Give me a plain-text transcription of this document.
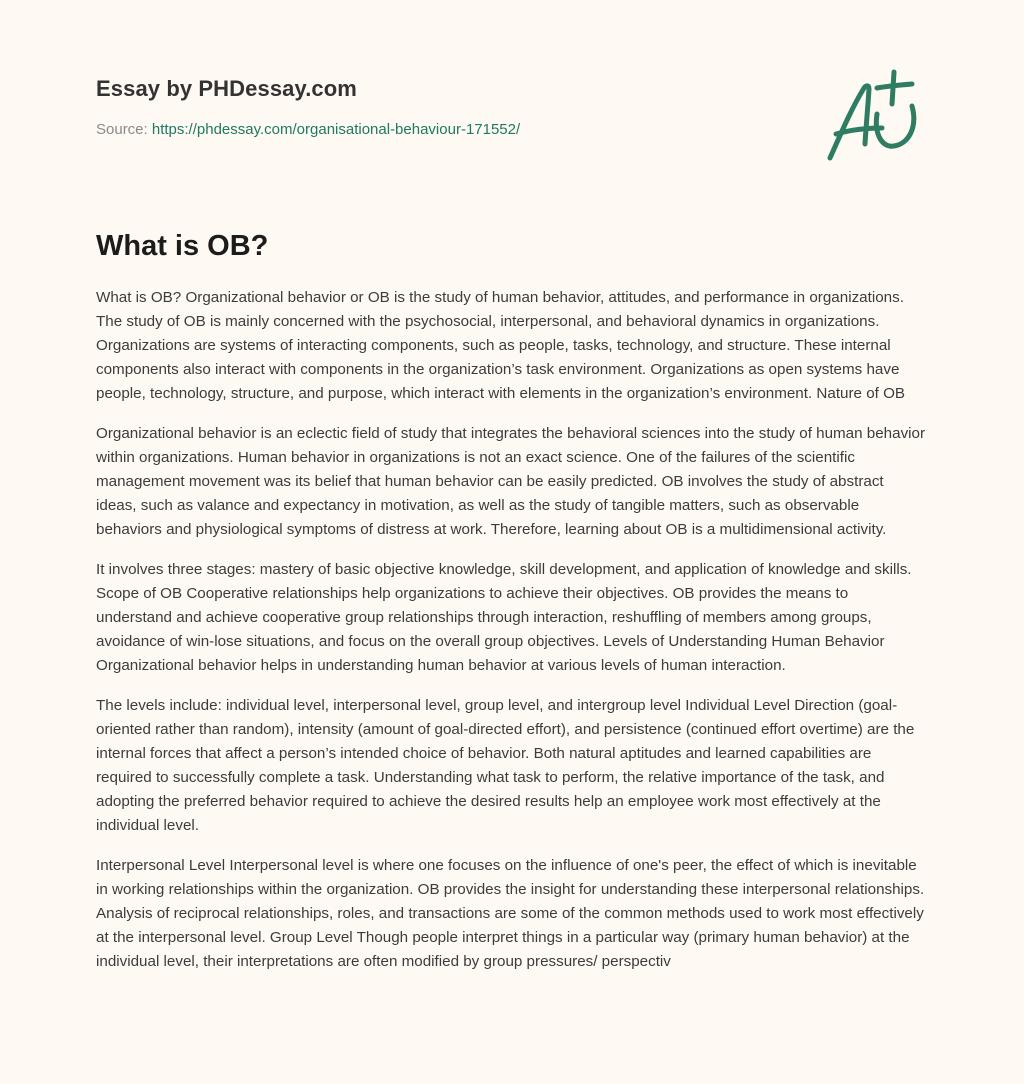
Essay by PHDessay.com
Source: https://phdessay.com/organisational-behaviour-171552/
What is OB?

What is OB? Organizational behavior or OB is the study of human behavior, attitudes, and performance in organizations. The study of OB is mainly concerned with the psychosocial, interpersonal, and behavioral dynamics in organizations. Organizations are systems of interacting components, such as people, tasks, technology, and structure. These internal components also interact with components in the organization’s task environment. Organizations as open systems have people, technology, structure, and purpose, which interact with elements in the organization’s environment. Nature of OB

Organizational behavior is an eclectic field of study that integrates the behavioral sciences into the study of human behavior within organizations. Human behavior in organizations is not an exact science. One of the failures of the scientific management movement was its belief that human behavior can be easily predicted. OB involves the study of abstract ideas, such as valance and expectancy in motivation, as well as the study of tangible matters, such as observable behaviors and physiological symptoms of distress at work. Therefore, learning about OB is a multidimensional activity.

It involves three stages: mastery of basic objective knowledge, skill development, and application of knowledge and skills. Scope of OB Cooperative relationships help organizations to achieve their objectives. OB provides the means to understand and achieve cooperative group relationships through interaction, reshuffling of members among groups, avoidance of win-lose situations, and focus on the overall group objectives. Levels of Understanding Human Behavior Organizational behavior helps in understanding human behavior at various levels of human interaction.

The levels include: individual level, interpersonal level, group level, and intergroup level Individual Level Direction (goal-oriented rather than random), intensity (amount of goal-directed effort), and persistence (continued effort overtime) are the internal forces that affect a person’s intended choice of behavior. Both natural aptitudes and learned capabilities are required to successfully complete a task. Understanding what task to perform, the relative importance of the task, and adopting the preferred behavior required to achieve the desired results help an employee work most effectively at the individual level.

Interpersonal Level Interpersonal level is where one focuses on the influence of one's peer, the effect of which is inevitable in working relationships within the organization. OB provides the insight for understanding these interpersonal relationships. Analysis of reciprocal relationships, roles, and transactions are some of the common methods used to work most effectively at the interpersonal level. Group Level Though people interpret things in a particular way (primary human behavior) at the individual level, their interpretations are often modified by group pressures/ perspectiv
